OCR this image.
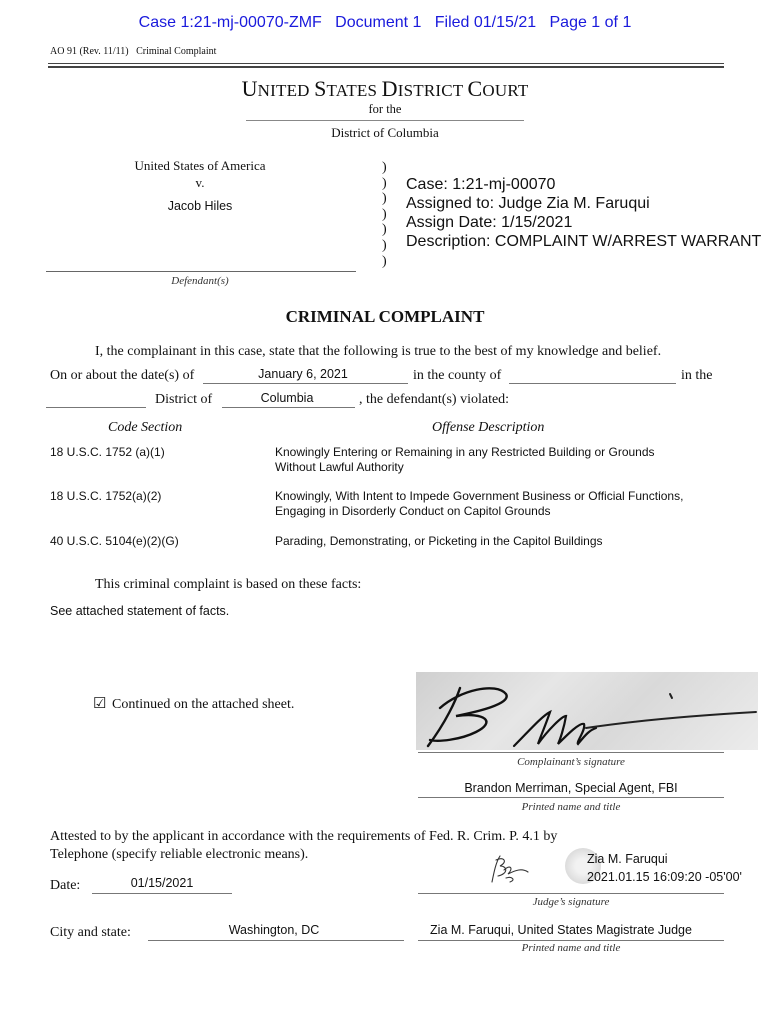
Case 1:21-mj-00070-ZMF   Document 1   Filed 01/15/21   Page 1 of 1
AO 91 (Rev. 11/11)   Criminal Complaint
UNITED STATES DISTRICT COURT
for the
District of Columbia
United States of America
v.
Jacob Hiles
Defendant(s)
)
)
)
)
)
)
)
Case: 1:21-mj-00070
Assigned to: Judge Zia M. Faruqui
Assign Date: 1/15/2021
Description: COMPLAINT W/ARREST WARRANT
CRIMINAL COMPLAINT
I, the complainant in this case, state that the following is true to the best of my knowledge and belief.
On or about the date(s) of	January 6, 2021	in the county of	in the
District of	Columbia	, the defendant(s) violated:
Code Section	Offense Description
18 U.S.C. 1752 (a)(1)	Knowingly Entering or Remaining in any Restricted Building or Grounds
Without Lawful Authority
18 U.S.C. 1752(a)(2)	Knowingly, With Intent to Impede Government Business or Official Functions,
Engaging in Disorderly Conduct on Capitol Grounds
40 U.S.C. 5104(e)(2)(G)	Parading, Demonstrating, or Picketing in the Capitol Buildings
This criminal complaint is based on these facts:
See attached statement of facts.
☑ Continued on the attached sheet.
Complainant’s signature
Brandon Merriman, Special Agent, FBI
Printed name and title
Attested to by the applicant in accordance with the requirements of Fed. R. Crim. P. 4.1 by
Telephone (specify reliable electronic means).
Date:	01/15/2021
Zia M. Faruqui
2021.01.15 16:09:20 -05'00'
Judge’s signature
City and state:	Washington, DC	Zia M. Faruqui, United States Magistrate Judge
Printed name and title
